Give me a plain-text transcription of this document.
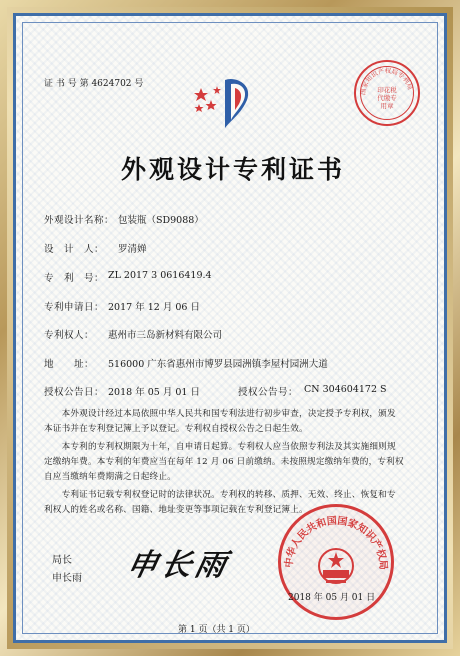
证 书 号 第 4624702 号
国家知识产权局专利局
印花税 代缴专用章
外观设计专利证书
外观设计名称： 包装瓶（SD9088）
设　计　人： 罗清婵
专　利　号： ZL 2017 3 0616419.4
专利申请日： 2017 年 12 月 06 日
专利权人： 惠州市三岛新材料有限公司
地　　址： 516000 广东省惠州市博罗县园洲镇李屋村园洲大道
授权公告日： 2018 年 05 月 01 日	授权公告号： CN 304604172 S
　　本外观设计经过本局依照中华人民共和国专利法进行初步审查，决定授予专利权，颁发
本证书并在专利登记簿上予以登记。专利权自授权公告之日起生效。
　　本专利的专利权期限为十年，自申请日起算。专利权人应当依照专利法及其实施细则规
定缴纳年费。本专利的年费应当在每年 12 月 06 日前缴纳。未按照规定缴纳年费的，专利权
自应当缴纳年费期满之日起终止。
　　专利证书记载专利权登记时的法律状况。专利权的转移、质押、无效、终止、恢复和专
利权人的姓名或名称、国籍、地址变更等事项记载在专利登记簿上。
局长
申长雨 申长雨	中华人民共和国国家知识产权局
2018 年 05 月 01 日
第 1 页（共 1 页）
